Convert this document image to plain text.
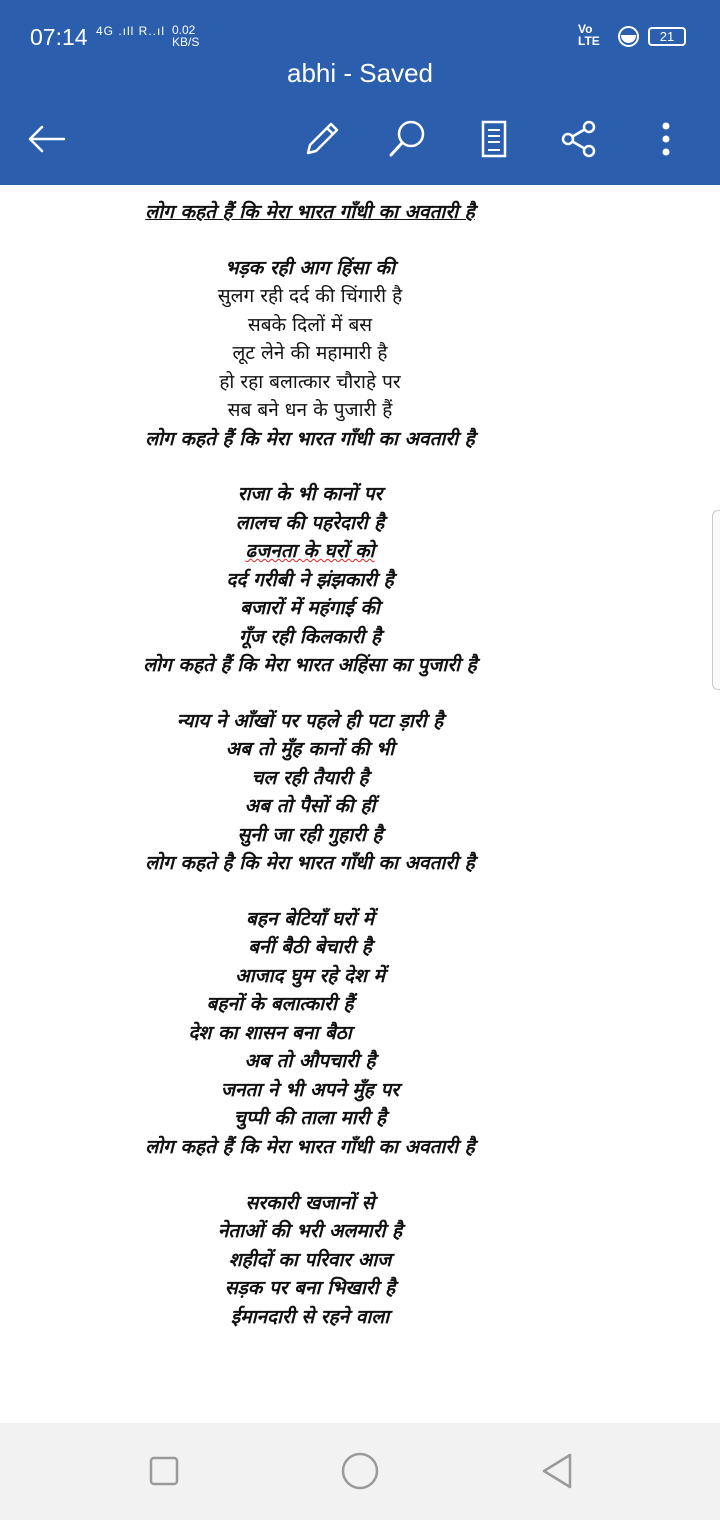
07:14 4G .ıll R..ıl 0.02
KB/S
Vo
LTE	21
abhi - Saved
लोग कहते हैं कि मेरा भारत गाँधी का अवतारी है
भड़क रही आग हिंसा की
सुलग रही दर्द की चिंगारी है
सबके दिलों में बस
लूट लेने की महामारी है
हो रहा बलात्कार चौराहे पर
सब बने धन के पुजारी हैं
लोग कहते हैं कि मेरा भारत गाँधी का अवतारी है
राजा के भी कानों पर
लालच की पहरेदारी है
ढजनता के घरों को
दर्द गरीबी ने झंझकारी है
बजारों में महंगाई की
गूँज रही किलकारी है
लोग कहते हैं कि मेरा भारत अहिंसा का पुजारी है
न्याय ने आँखों पर पहले ही पटा ड़ारी है
अब तो मुँह कानों की भी
चल रही तैयारी है
अब तो पैसों की हीं
सुनी जा रही गुहारी है
लोग कहते है कि मेरा भारत गाँधी का अवतारी है
बहन बेटियाँ घरों में
बनीं बैठी बेचारी है
आजाद घुम रहे देश में
बहनों के बलात्कारी हैं
देश का शासन बना बैठा
अब तो औपचारी है
जनता ने भी अपने मुँह पर
चुप्पी की ताला मारी है
लोग कहते हैं कि मेरा भारत गाँधी का अवतारी है
सरकारी खजानों से
नेताओं की भरी अलमारी है
शहीदों का परिवार आज
सड़क पर बना भिखारी है
ईमानदारी से रहने वाला
